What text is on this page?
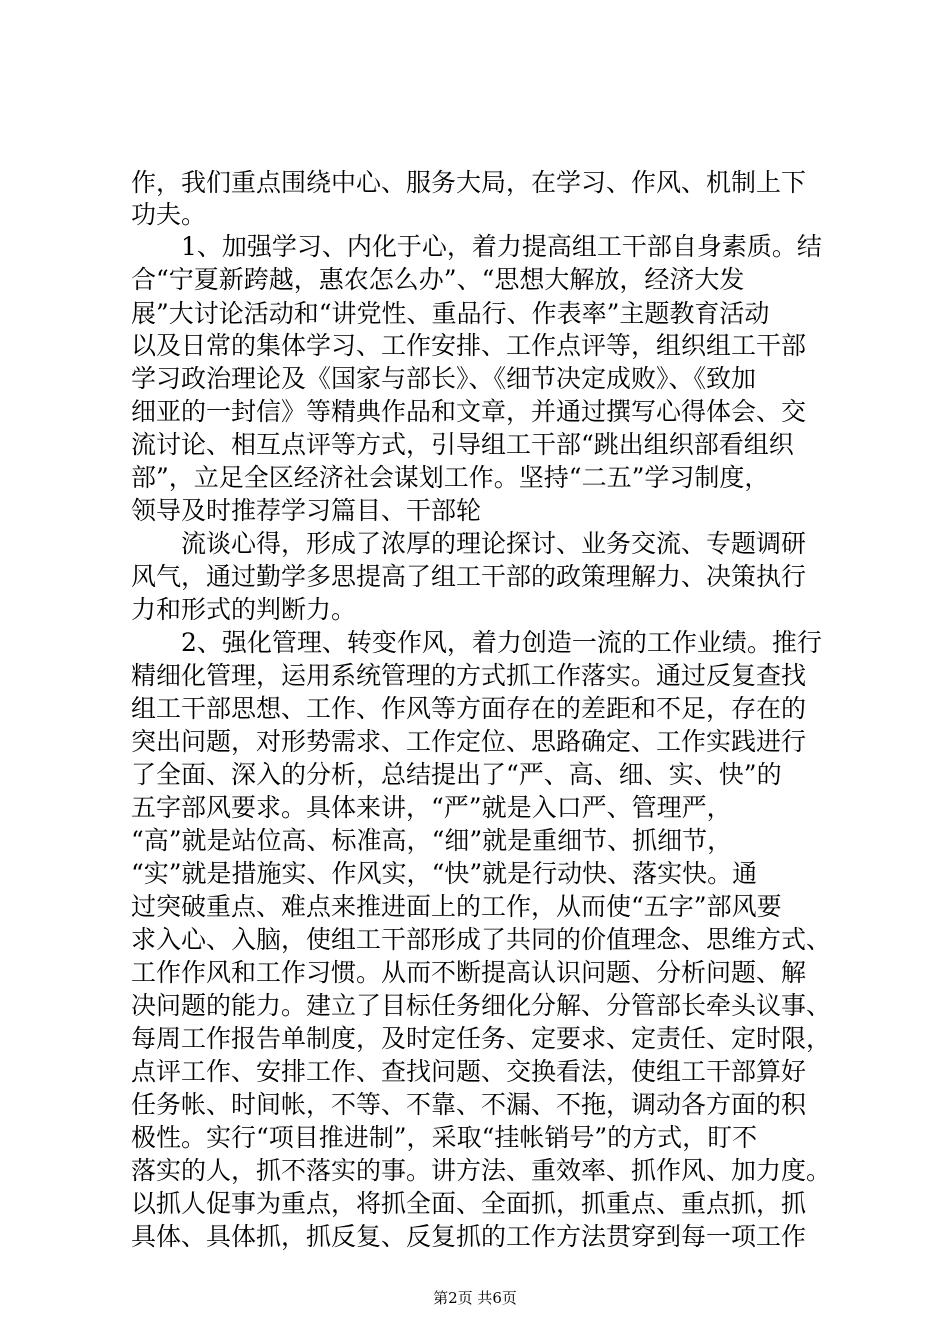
作，我们重点围绕中心、服务大局，在学习、作风、机制上下
功夫。
　　1、加强学习、内化于心，着力提高组工干部自身素质。结
合“宁夏新跨越，惠农怎么办”、“思想大解放，经济大发
展”大讨论活动和“讲党性、重品行、作表率”主题教育活动
以及日常的集体学习、工作安排、工作点评等，组织组工干部
学习政治理论及《国家与部长》、《细节决定成败》、《致加
细亚的一封信》等精典作品和文章，并通过撰写心得体会、交
流讨论、相互点评等方式，引导组工干部“跳出组织部看组织
部”，立足全区经济社会谋划工作。坚持“二五”学习制度，
领导及时推荐学习篇目、干部轮
　　流谈心得，形成了浓厚的理论探讨、业务交流、专题调研
风气，通过勤学多思提高了组工干部的政策理解力、决策执行
力和形式的判断力。
　　2、强化管理、转变作风，着力创造一流的工作业绩。推行
精细化管理，运用系统管理的方式抓工作落实。通过反复查找
组工干部思想、工作、作风等方面存在的差距和不足，存在的
突出问题，对形势需求、工作定位、思路确定、工作实践进行
了全面、深入的分析，总结提出了“严、高、细、实、快”的
五字部风要求。具体来讲，“严”就是入口严、管理严，
“高”就是站位高、标准高，“细”就是重细节、抓细节，
“实”就是措施实、作风实，“快”就是行动快、落实快。通
过突破重点、难点来推进面上的工作，从而使“五字”部风要
求入心、入脑，使组工干部形成了共同的价值理念、思维方式、
工作作风和工作习惯。从而不断提高认识问题、分析问题、解
决问题的能力。建立了目标任务细化分解、分管部长牵头议事、
每周工作报告单制度，及时定任务、定要求、定责任、定时限，
点评工作、安排工作、查找问题、交换看法，使组工干部算好
任务帐、时间帐，不等、不靠、不漏、不拖，调动各方面的积
极性。实行“项目推进制”，采取“挂帐销号”的方式，盯不
落实的人，抓不落实的事。讲方法、重效率、抓作风、加力度。
以抓人促事为重点，将抓全面、全面抓，抓重点、重点抓，抓
具体、具体抓，抓反复、反复抓的工作方法贯穿到每一项工作
第2页 共6页
